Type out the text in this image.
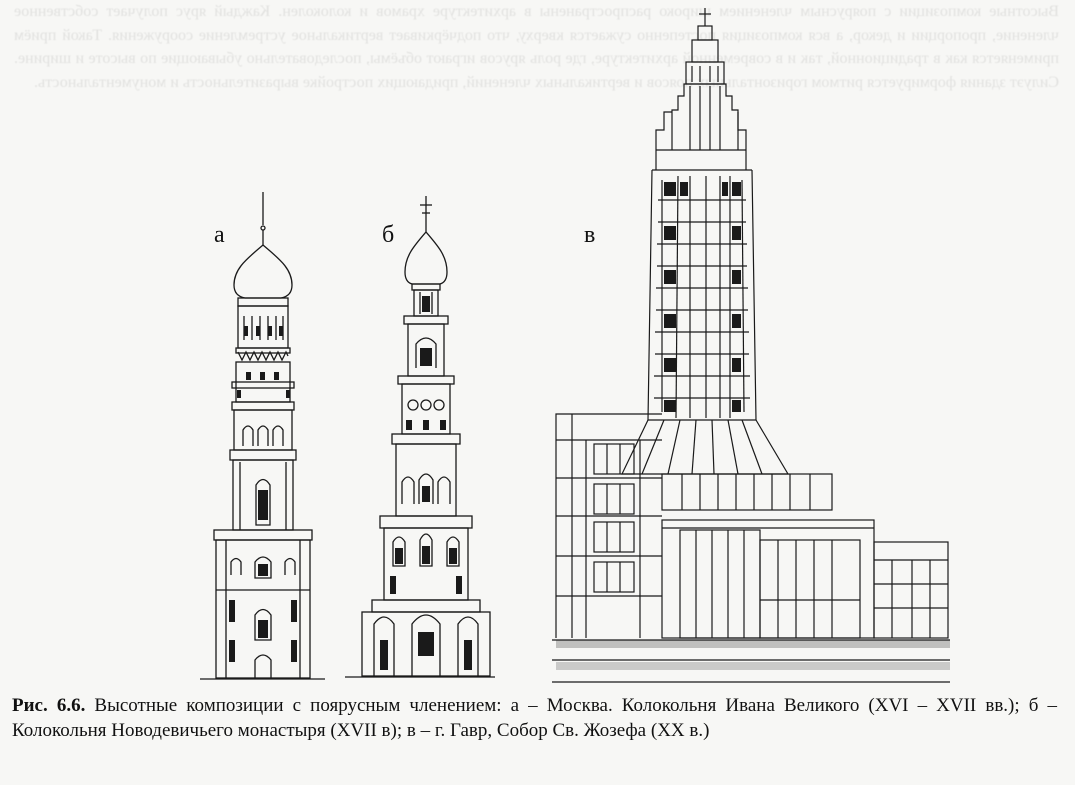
Высотные композиции с поярусным членением широко распространены в архитектуре храмов и колоколен. Каждый ярус получает собственное членение, пропорции и декор, а вся композиция постепенно сужается кверху, что подчёркивает вертикальное устремление сооружения. Такой приём применяется как в традиционной, так и в современной архитектуре, где роль ярусов играют объёмы, последовательно убывающие по высоте и ширине. Силуэт здания формируется ритмом горизонтальных поясов и вертикальных членений, придающих постройке выразительность и монументальность.

а	б	в
Рис. 6.6. Высотные композиции с поярусным членением: а – Москва. Колокольня Ивана Великого (XVI – XVII вв.); б – Колокольня Новодевичьего монастыря (XVII в); в – г. Гавр, Собор Св. Жозефа (XX в.)
